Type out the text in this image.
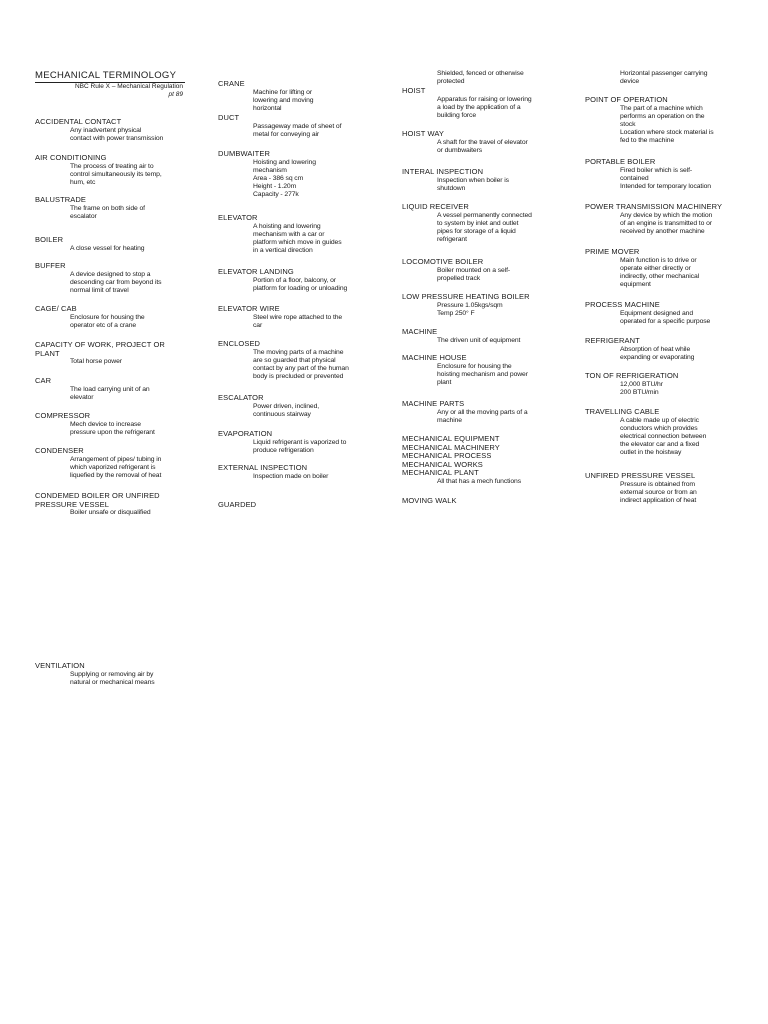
MECHANICAL TERMINOLOGY
NBC Rule X – Mechanical Regulation
pt 89
ACCIDENTAL CONTACT
Any inadvertent physical
contact with power transmission
AIR CONDITIONING
The process of treating air to
control simultaneously its temp,
hum, etc
BALUSTRADE
The frame on both side of
escalator
BOILER
A close vessel for heating
BUFFER
A device designed to stop a
descending car from beyond its
normal limit of travel
CAGE/ CAB
Enclosure for housing the
operator etc of a crane
CAPACITY OF WORK, PROJECT OR
PLANT
Total horse power
CAR
The load carrying unit of an
elevator
COMPRESSOR
Mech device to increase
pressure upon the refrigerant
CONDENSER
Arrangement of pipes/ tubing in
which vaporized refrigerant is
liquefied by the removal of heat
CONDEMED BOILER OR UNFIRED
PRESSURE VESSEL
Boiler unsafe or disqualified
VENTILATION
Supplying or removing air by
natural or mechanical means
CRANE
Machine for lifting or
lowering and moving
horizontal
DUCT
Passageway made of sheet of
metal for conveying air
DUMBWAITER
Hoisting and lowering
mechanism
Area - 386 sq cm
Height - 1.20m
Capacity - 277k
ELEVATOR
A hoisting and lowering
mechanism with a car or
platform which move in guides
in a vertical direction
ELEVATOR LANDING
Portion of a floor, balcony, or
platform for loading or unloading
ELEVATOR WIRE
Steel wire rope attached to the
car
ENCLOSED
The moving parts of a machine
are so guarded that physical
contact by any part of the human
body is precluded or prevented
ESCALATOR
Power driven, inclined,
continuous stairway
EVAPORATION
Liquid refrigerant is vaporized to
produce refrigeration
EXTERNAL INSPECTION
Inspection made on boiler
GUARDED
Shielded, fenced or otherwise
protected
HOIST
Apparatus for raising or lowering
a load by the application of a
building force
HOIST WAY
A shaft for the travel of elevator
or dumbwaiters
INTERAL INSPECTION
Inspection when boiler is
shutdown
LIQUID RECEIVER
A vessel permanently connected
to system by inlet and outlet
pipes for storage of a liquid
refrigerant
LOCOMOTIVE BOILER
Boiler mounted on a self-
propelled track
LOW PRESSURE HEATING BOILER
Pressure 1.05kgs/sqm
Temp 250° F
MACHINE
The driven unit of equipment
MACHINE HOUSE
Enclosure for housing the
hoisting mechanism and power
plant
MACHINE PARTS
Any or all the moving parts of a
machine
MECHANICAL EQUIPMENT
MECHANICAL MACHINERY
MECHANICAL PROCESS
MECHANICAL WORKS
MECHANICAL PLANT
All that has a mech functions
MOVING WALK
Horizontal passenger carrying
device
POINT OF OPERATION
The part of a machine which
performs an operation on the
stock
Location where stock material is
fed to the machine
PORTABLE BOILER
Fired boiler which is self-
contained
Intended for temporary location
POWER TRANSMISSION MACHINERY
Any device by which the motion
of an engine is transmitted to or
received by another machine
PRIME MOVER
Main function is to drive or
operate either directly or
indirectly, other mechanical
equipment
PROCESS MACHINE
Equipment designed and
operated for a specific purpose
REFRIGERANT
Absorption of heat while
expanding or evaporating
TON OF REFRIGERATION
12,000 BTU/hr
200 BTU/min
TRAVELLING CABLE
A cable made up of electric
conductors which provides
electrical connection between
the elevator car and a fixed
outlet in the hoistway
UNFIRED PRESSURE VESSEL
Pressure is obtained from
external source or from an
indirect application of heat
